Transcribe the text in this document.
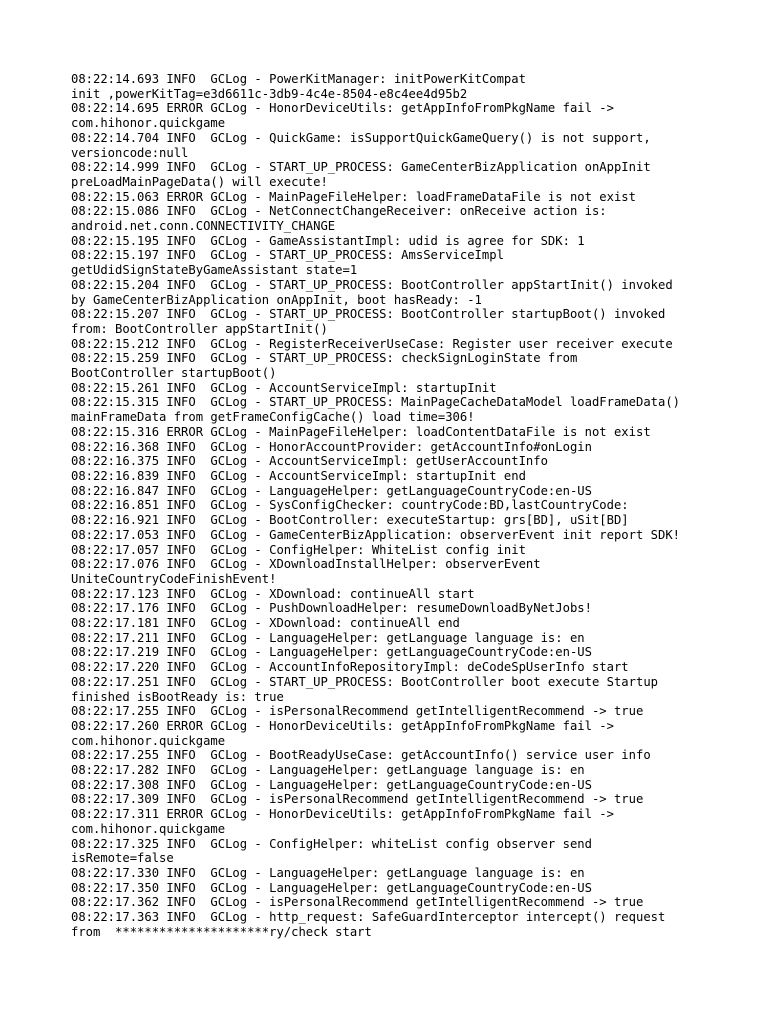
08:22:14.693 INFO  GCLog - PowerKitManager: initPowerKitCompat
init ,powerKitTag=e3d6611c-3db9-4c4e-8504-e8c4ee4d95b2
08:22:14.695 ERROR GCLog - HonorDeviceUtils: getAppInfoFromPkgName fail ->
com.hihonor.quickgame
08:22:14.704 INFO  GCLog - QuickGame: isSupportQuickGameQuery() is not support,
versioncode:null
08:22:14.999 INFO  GCLog - START_UP_PROCESS: GameCenterBizApplication onAppInit
preLoadMainPageData() will execute!
08:22:15.063 ERROR GCLog - MainPageFileHelper: loadFrameDataFile is not exist
08:22:15.086 INFO  GCLog - NetConnectChangeReceiver: onReceive action is:
android.net.conn.CONNECTIVITY_CHANGE
08:22:15.195 INFO  GCLog - GameAssistantImpl: udid is agree for SDK: 1
08:22:15.197 INFO  GCLog - START_UP_PROCESS: AmsServiceImpl
getUdidSignStateByGameAssistant state=1
08:22:15.204 INFO  GCLog - START_UP_PROCESS: BootController appStartInit() invoked
by GameCenterBizApplication onAppInit, boot hasReady: -1
08:22:15.207 INFO  GCLog - START_UP_PROCESS: BootController startupBoot() invoked
from: BootController appStartInit()
08:22:15.212 INFO  GCLog - RegisterReceiverUseCase: Register user receiver execute
08:22:15.259 INFO  GCLog - START_UP_PROCESS: checkSignLoginState from
BootController startupBoot()
08:22:15.261 INFO  GCLog - AccountServiceImpl: startupInit
08:22:15.315 INFO  GCLog - START_UP_PROCESS: MainPageCacheDataModel loadFrameData()
mainFrameData from getFrameConfigCache() load time=306!
08:22:15.316 ERROR GCLog - MainPageFileHelper: loadContentDataFile is not exist
08:22:16.368 INFO  GCLog - HonorAccountProvider: getAccountInfo#onLogin
08:22:16.375 INFO  GCLog - AccountServiceImpl: getUserAccountInfo
08:22:16.839 INFO  GCLog - AccountServiceImpl: startupInit end
08:22:16.847 INFO  GCLog - LanguageHelper: getLanguageCountryCode:en-US
08:22:16.851 INFO  GCLog - SysConfigChecker: countryCode:BD,lastCountryCode:
08:22:16.921 INFO  GCLog - BootController: executeStartup: grs[BD], uSit[BD]
08:22:17.053 INFO  GCLog - GameCenterBizApplication: observerEvent init report SDK!
08:22:17.057 INFO  GCLog - ConfigHelper: WhiteList config init
08:22:17.076 INFO  GCLog - XDownloadInstallHelper: observerEvent
UniteCountryCodeFinishEvent!
08:22:17.123 INFO  GCLog - XDownload: continueAll start
08:22:17.176 INFO  GCLog - PushDownloadHelper: resumeDownloadByNetJobs!
08:22:17.181 INFO  GCLog - XDownload: continueAll end
08:22:17.211 INFO  GCLog - LanguageHelper: getLanguage language is: en
08:22:17.219 INFO  GCLog - LanguageHelper: getLanguageCountryCode:en-US
08:22:17.220 INFO  GCLog - AccountInfoRepositoryImpl: deCodeSpUserInfo start
08:22:17.251 INFO  GCLog - START_UP_PROCESS: BootController boot execute Startup
finished isBootReady is: true
08:22:17.255 INFO  GCLog - isPersonalRecommend getIntelligentRecommend -> true
08:22:17.260 ERROR GCLog - HonorDeviceUtils: getAppInfoFromPkgName fail ->
com.hihonor.quickgame
08:22:17.255 INFO  GCLog - BootReadyUseCase: getAccountInfo() service user info
08:22:17.282 INFO  GCLog - LanguageHelper: getLanguage language is: en
08:22:17.308 INFO  GCLog - LanguageHelper: getLanguageCountryCode:en-US
08:22:17.309 INFO  GCLog - isPersonalRecommend getIntelligentRecommend -> true
08:22:17.311 ERROR GCLog - HonorDeviceUtils: getAppInfoFromPkgName fail ->
com.hihonor.quickgame
08:22:17.325 INFO  GCLog - ConfigHelper: whiteList config observer send
isRemote=false
08:22:17.330 INFO  GCLog - LanguageHelper: getLanguage language is: en
08:22:17.350 INFO  GCLog - LanguageHelper: getLanguageCountryCode:en-US
08:22:17.362 INFO  GCLog - isPersonalRecommend getIntelligentRecommend -> true
08:22:17.363 INFO  GCLog - http_request: SafeGuardInterceptor intercept() request
from  *********************ry/check start
